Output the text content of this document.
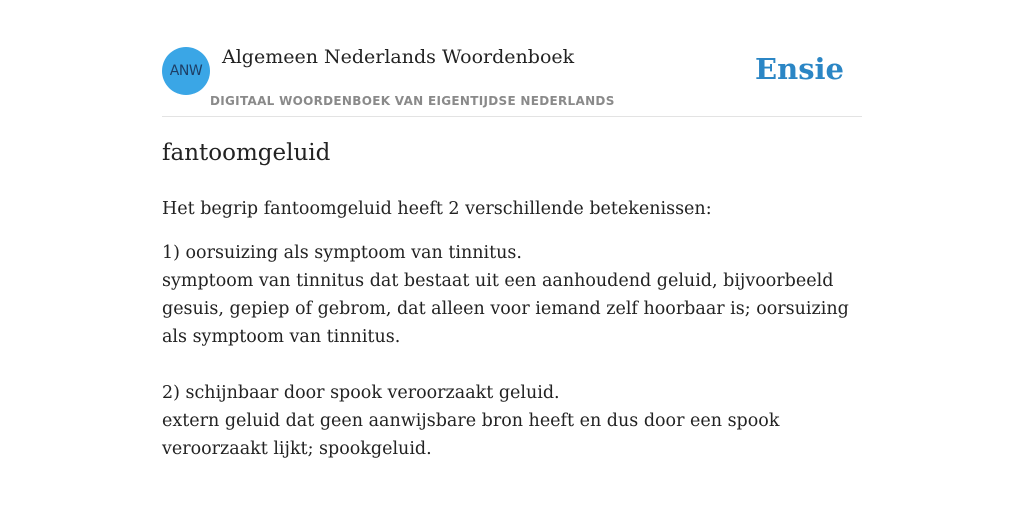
ANW
Algemeen Nederlands Woordenboek
DIGITAAL WOORDENBOEK VAN EIGENTIJDSE NEDERLANDS
Ensie
fantoomgeluid

Het begrip fantoomgeluid heeft 2 verschillende betekenissen:

1) oorsuizing als symptoom van tinnitus.
symptoom van tinnitus dat bestaat uit een aanhoudend geluid, bijvoorbeeld gesuis, gepiep of gebrom, dat alleen voor iemand zelf hoorbaar is; oorsuizing als symptoom van tinnitus.
2) schijnbaar door spook veroorzaakt geluid.
extern geluid dat geen aanwijsbare bron heeft en dus door een spook veroorzaakt lijkt; spookgeluid.
